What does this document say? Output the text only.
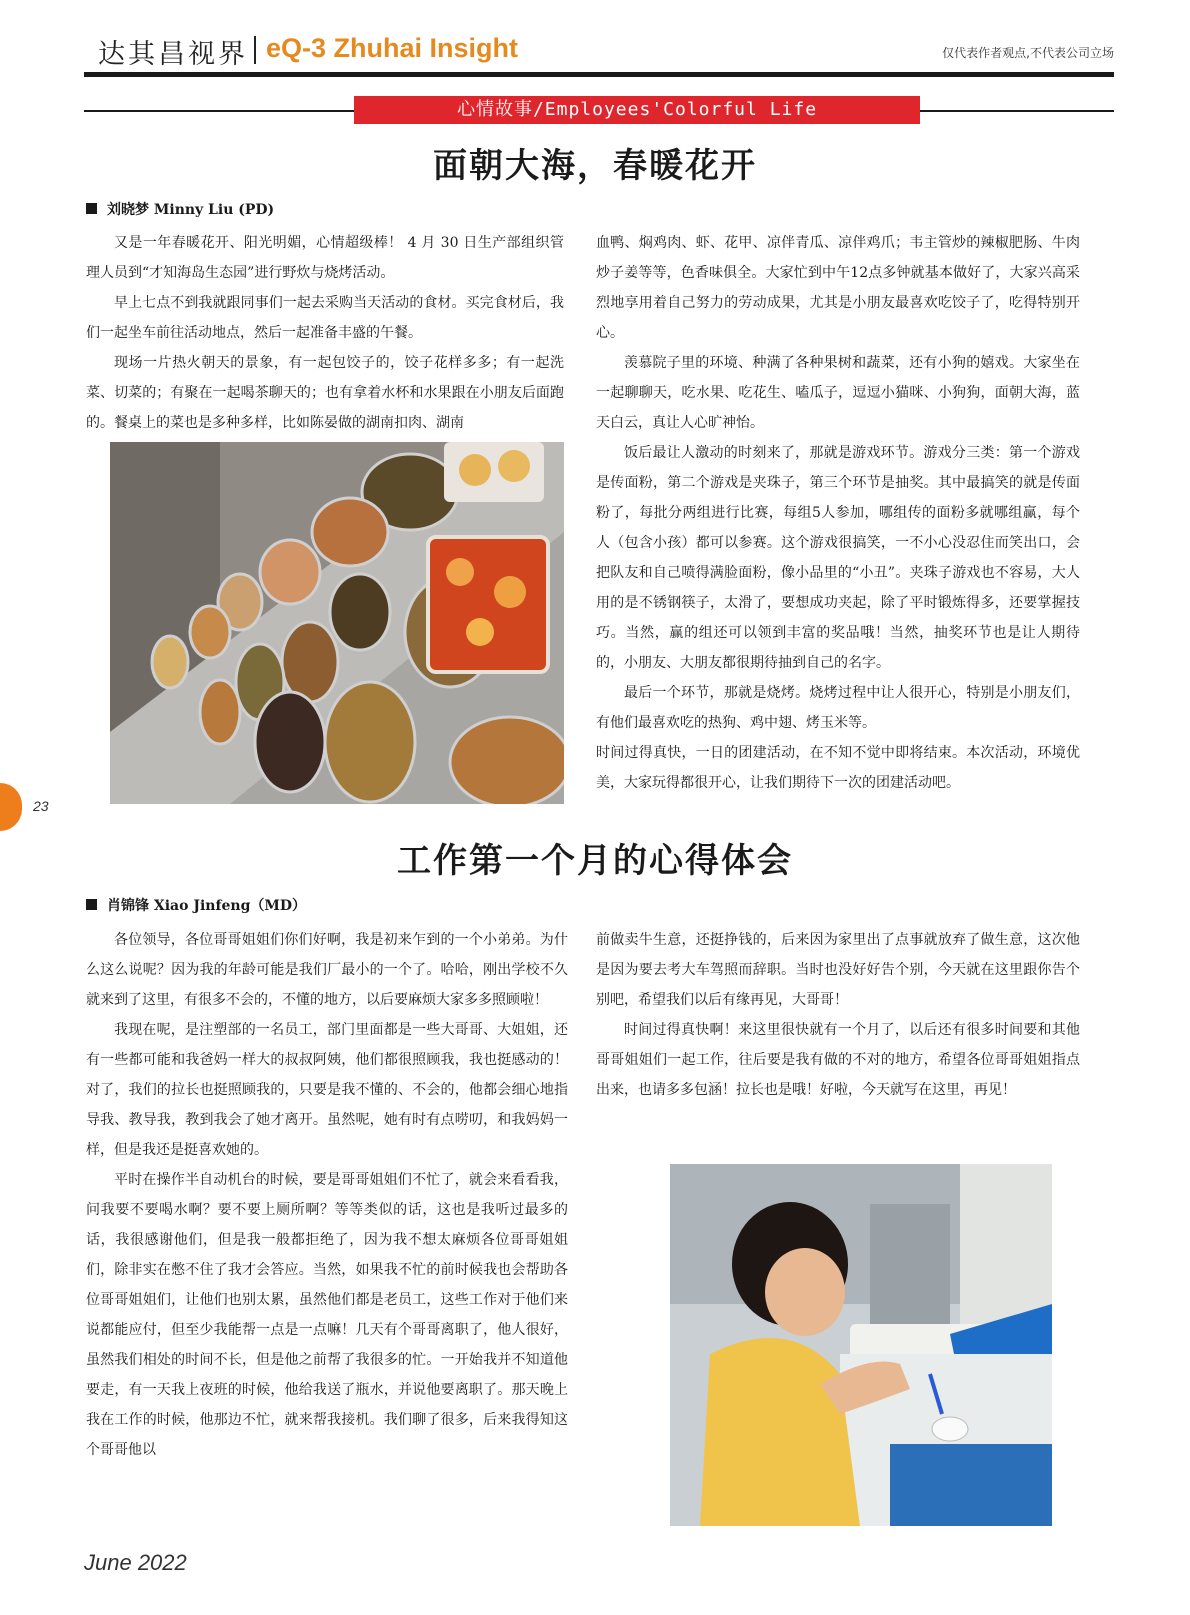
达其昌视界 eQ-3 Zhuhai Insight	仅代表作者观点,不代表公司立场
心情故事/Employees'Colorful Life
面朝大海，春暖花开
刘晓梦 Minny Liu (PD)

又是一年春暖花开、阳光明媚，心情超级棒！ 4 月 30 日生产部组织管理人员到“才知海岛生态园”进行野炊与烧烤活动。

早上七点不到我就跟同事们一起去采购当天活动的食材。买完食材后，我们一起坐车前往活动地点，然后一起准备丰盛的午餐。

现场一片热火朝天的景象，有一起包饺子的，饺子花样多多；有一起洗菜、切菜的；有聚在一起喝茶聊天的；也有拿着水杯和水果跟在小朋友后面跑的。餐桌上的菜也是多种多样，比如陈晏做的湖南扣肉、湖南

血鸭、焖鸡肉、虾、花甲、凉伴青瓜、凉伴鸡爪；韦主管炒的辣椒肥肠、牛肉炒子姜等等，色香味俱全。大家忙到中午12点多钟就基本做好了，大家兴高采烈地享用着自己努力的劳动成果，尤其是小朋友最喜欢吃饺子了，吃得特别开心。

羡慕院子里的环境、种满了各种果树和蔬菜，还有小狗的嬉戏。大家坐在一起聊聊天，吃水果、吃花生、嗑瓜子，逗逗小猫咪、小狗狗，面朝大海，蓝天白云，真让人心旷神怡。

饭后最让人激动的时刻来了，那就是游戏环节。游戏分三类：第一个游戏是传面粉，第二个游戏是夹珠子，第三个环节是抽奖。其中最搞笑的就是传面粉了，每批分两组进行比赛，每组5人参加，哪组传的面粉多就哪组赢，每个人（包含小孩）都可以参赛。这个游戏很搞笑，一不小心没忍住而笑出口，会把队友和自己喷得满脸面粉，像小品里的“小丑”。夹珠子游戏也不容易，大人用的是不锈钢筷子，太滑了，要想成功夹起，除了平时锻炼得多，还要掌握技巧。当然，赢的组还可以领到丰富的奖品哦！当然，抽奖环节也是让人期待的，小朋友、大朋友都很期待抽到自己的名字。

最后一个环节，那就是烧烤。烧烤过程中让人很开心，特别是小朋友们，有他们最喜欢吃的热狗、鸡中翅、烤玉米等。

时间过得真快，一日的团建活动，在不知不觉中即将结束。本次活动，环境优美，大家玩得都很开心，让我们期待下一次的团建活动吧。

23
工作第一个月的心得体会
肖锦锋 Xiao Jinfeng（MD）

各位领导，各位哥哥姐姐们你们好啊，我是初来乍到的一个小弟弟。为什么这么说呢？因为我的年龄可能是我们厂最小的一个了。哈哈，刚出学校不久就来到了这里，有很多不会的，不懂的地方，以后要麻烦大家多多照顾啦！

我现在呢，是注塑部的一名员工，部门里面都是一些大哥哥、大姐姐，还有一些都可能和我爸妈一样大的叔叔阿姨，他们都很照顾我，我也挺感动的！对了，我们的拉长也挺照顾我的，只要是我不懂的、不会的，他都会细心地指导我、教导我，教到我会了她才离开。虽然呢，她有时有点唠叨，和我妈妈一样，但是我还是挺喜欢她的。

平时在操作半自动机台的时候，要是哥哥姐姐们不忙了，就会来看看我，问我要不要喝水啊？要不要上厕所啊？等等类似的话，这也是我听过最多的话，我很感谢他们，但是我一般都拒绝了，因为我不想太麻烦各位哥哥姐姐们，除非实在憋不住了我才会答应。当然，如果我不忙的前时候我也会帮助各位哥哥姐姐们，让他们也别太累，虽然他们都是老员工，这些工作对于他们来说都能应付，但至少我能帮一点是一点嘛！几天有个哥哥离职了，他人很好，虽然我们相处的时间不长，但是他之前帮了我很多的忙。一开始我并不知道他要走，有一天我上夜班的时候，他给我送了瓶水，并说他要离职了。那天晚上我在工作的时候，他那边不忙，就来帮我接机。我们聊了很多，后来我得知这个哥哥他以

前做卖牛生意，还挺挣钱的，后来因为家里出了点事就放弃了做生意，这次他是因为要去考大车驾照而辞职。当时也没好好告个别，今天就在这里跟你告个别吧，希望我们以后有缘再见，大哥哥！

时间过得真快啊！来这里很快就有一个月了，以后还有很多时间要和其他哥哥姐姐们一起工作，往后要是我有做的不对的地方，希望各位哥哥姐姐指点出来，也请多多包涵！拉长也是哦！好啦，今天就写在这里，再见！

June 2022
